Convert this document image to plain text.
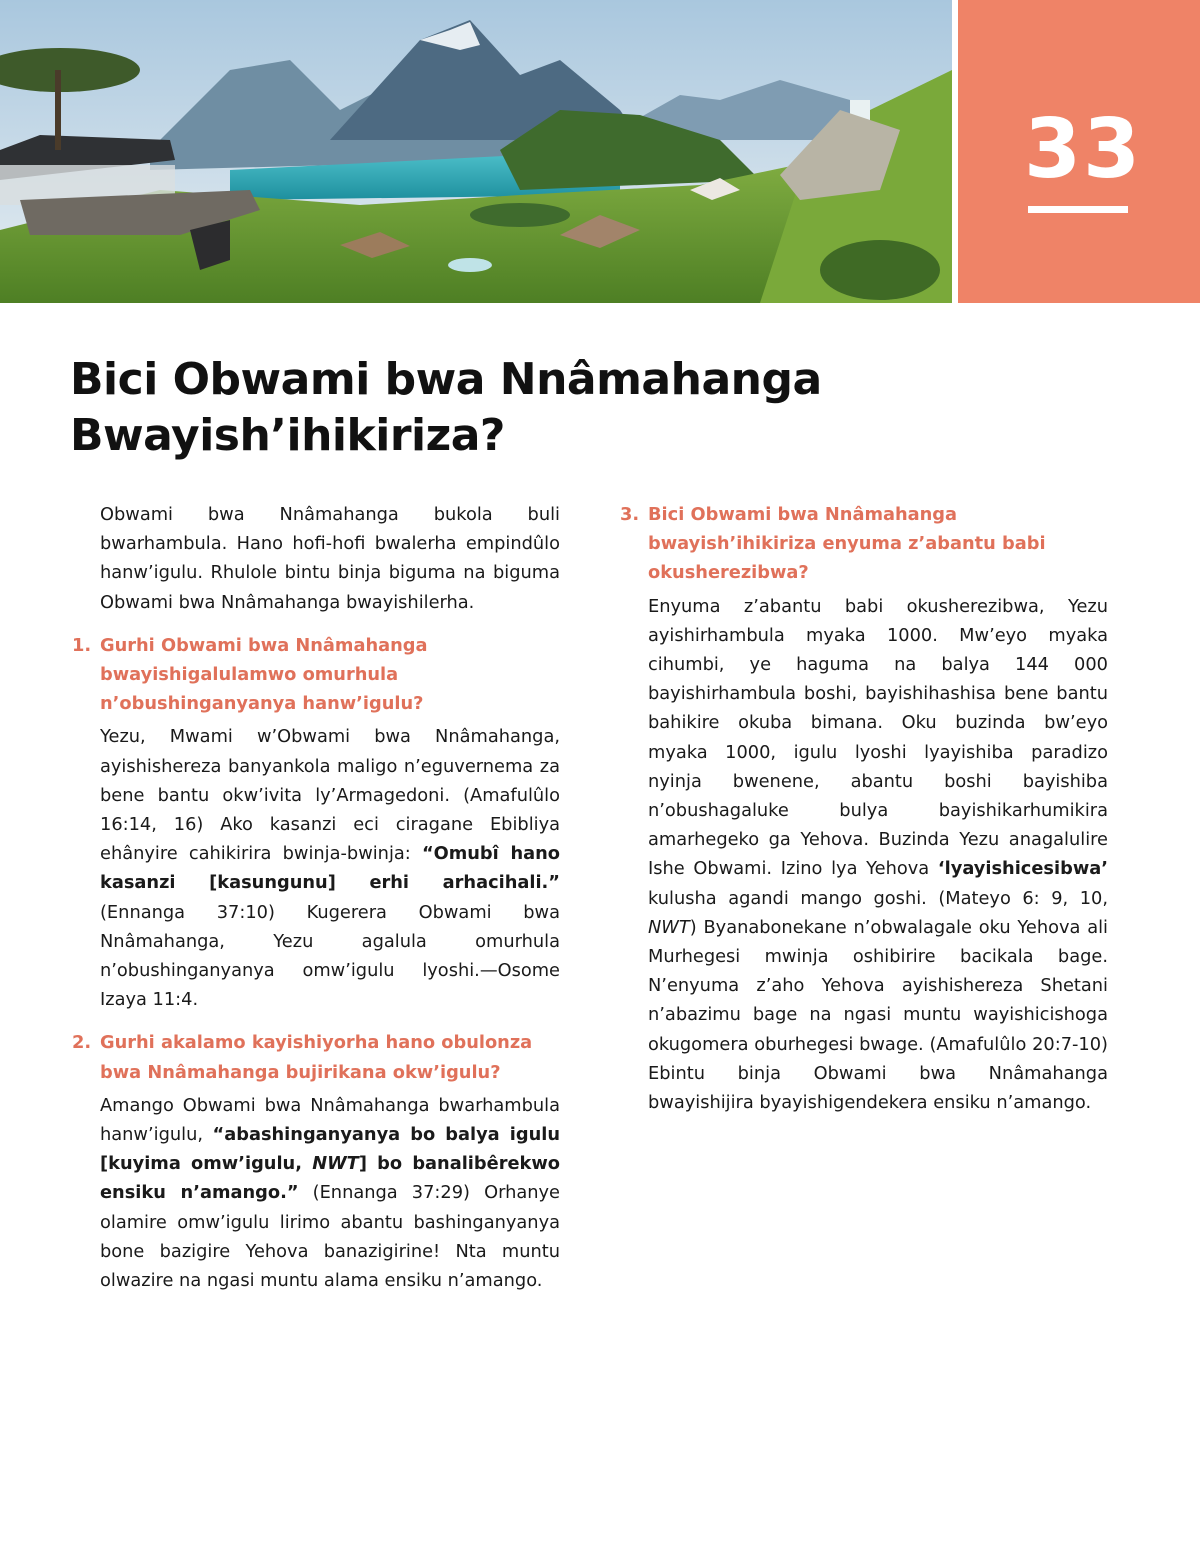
33
Bici Obwami bwa Nnâmahanga Bwayish’ihikiriza?

Obwami bwa Nnâmahanga bukola buli bwarhambula. Hano hofi-hofi bwalerha empindûlo hanw’igulu. Rhulole bintu binja biguma na biguma Obwami bwa Nnâmahanga bwayishilerha.

1. Gurhi Obwami bwa Nnâmahanga bwayishigalulamwo omurhula n’obushinganyanya hanw’igulu?

Yezu, Mwami w’Obwami bwa Nnâmahanga, ayishishereza banyankola maligo n’eguvernema za bene bantu okw’ivita ly’Armagedoni. (Amafulûlo 16:14, 16) Ako kasanzi eci ciragane Ebibliya ehânyire cahikirira bwinja-bwinja: “Omubî hano kasanzi [kasungunu] erhi arhacihali.” (Ennanga 37:10) Kugerera Obwami bwa Nnâmahanga, Yezu agalula omurhula n’obushinganyanya omw’igulu lyoshi.—Osome Izaya 11:4.

2. Gurhi akalamo kayishiyorha hano obulonza bwa Nnâmahanga bujirikana okw’igulu?

Amango Obwami bwa Nnâmahanga bwarhambula hanw’igulu, “abashinganyanya bo balya igulu [kuyima omw’igulu, NWT] bo banalibêrekwo ensiku n’amango.” (Ennanga 37:29) Orhanye olamire omw’igulu lirimo abantu bashinganyanya bone bazigire Yehova banazigirine! Nta muntu olwazire na ngasi muntu alama ensiku n’amango.

3. Bici Obwami bwa Nnâmahanga bwayish’ihikiriza enyuma z’abantu babi okusherezibwa?

Enyuma z’abantu babi okusherezibwa, Yezu ayishirhambula myaka 1000. Mw’eyo myaka cihumbi, ye haguma na balya 144 000 bayishirhambula boshi, bayishihashisa bene bantu bahikire okuba bimana. Oku buzinda bw’eyo myaka 1000, igulu lyoshi lyayishiba paradizo nyinja bwenene, abantu boshi bayishiba n’obushagaluke bulya bayishikarhumikira amarhegeko ga Yehova. Buzinda Yezu anagalulire Ishe Obwami. Izino lya Yehova ‘lyayishicesibwa’ kulusha agandi mango goshi. (Mateyo 6: 9, 10, NWT) Byanabonekane n’obwalagale oku Yehova ali Murhegesi mwinja oshibirire bacikala bage. N’enyuma z’aho Yehova ayishishereza Shetani n’abazimu bage na ngasi muntu wayishicishoga okugomera oburhegesi bwage. (Amafulûlo 20:7-10) Ebintu binja Obwami bwa Nnâmahanga bwayishijira byayishigendekera ensiku n’amango.
